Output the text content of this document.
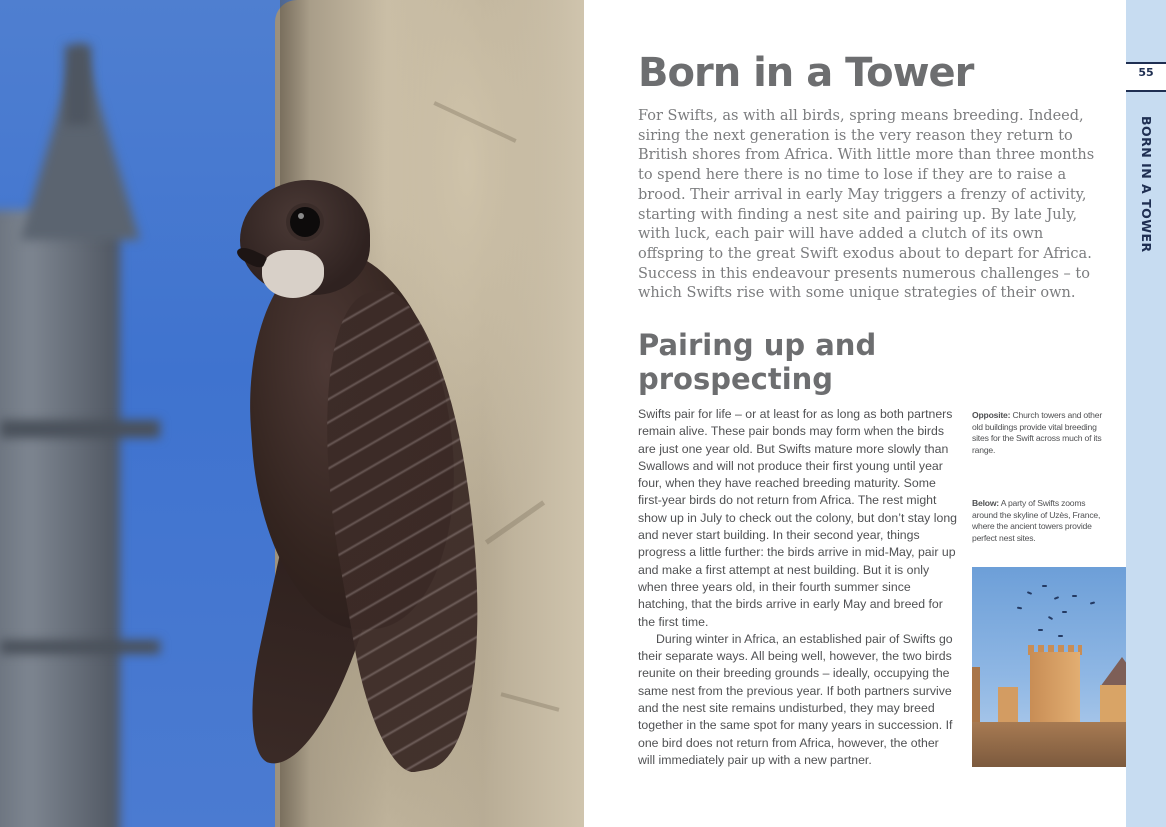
Born in a Tower

For Swifts, as with all birds, spring means breeding. Indeed, siring the next generation is the very reason they return to British shores from Africa. With little more than three months to spend here there is no time to lose if they are to raise a brood. Their arrival in early May triggers a frenzy of activity, starting with finding a nest site and pairing up. By late July, with luck, each pair will have added a clutch of its own offspring to the great Swift exodus about to depart for Africa. Success in this endeavour presents numerous challenges – to which Swifts rise with some unique strategies of their own.

Pairing up and prospecting

Swifts pair for life – or at least for as long as both partners remain alive. These pair bonds may form when the birds are just one year old. But Swifts mature more slowly than Swallows and will not produce their first young until year four, when they have reached breeding maturity. Some first-year birds do not return from Africa. The rest might show up in July to check out the colony, but don’t stay long and never start building. In their second year, things progress a little further: the birds arrive in mid-May, pair up and make a first attempt at nest building. But it is only when three years old, in their fourth summer since hatching, that the birds arrive in early May and breed for the first time.

During winter in Africa, an established pair of Swifts go their separate ways. All being well, however, the two birds reunite on their breeding grounds – ideally, occupying the same nest from the previous year. If both partners survive and the nest site remains undisturbed, they may breed together in the same spot for many years in succession. If one bird does not return from Africa, however, the other will immediately pair up with a new partner.

Opposite: Church towers and other old buildings provide vital breeding sites for the Swift across much of its range.
Below: A party of Swifts zooms around the skyline of Uzès, France, where the ancient towers provide perfect nest sites.
55
BORN IN A TOWER
